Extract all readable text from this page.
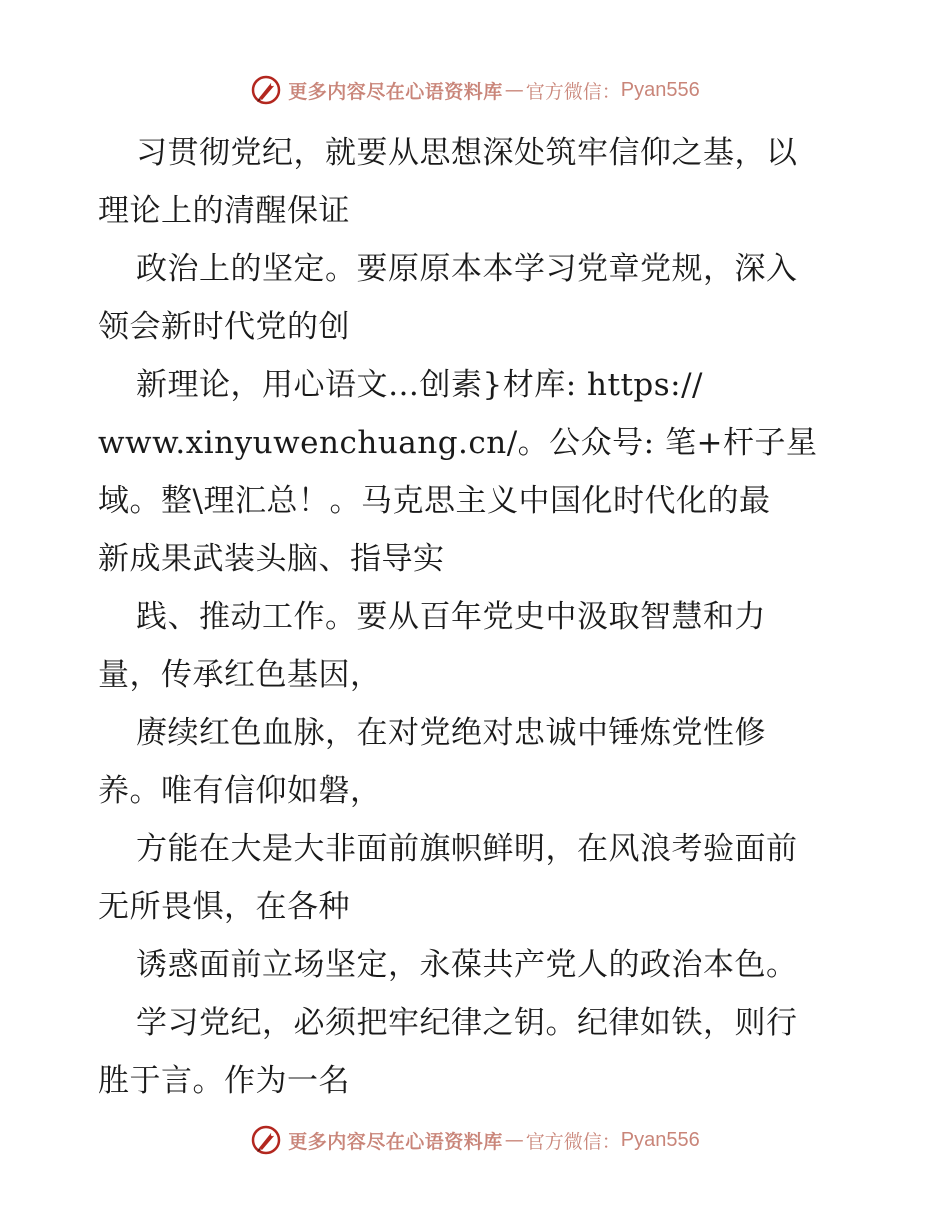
更多内容尽在心语资料库 — 官方微信： Pyan556
习贯彻党纪，就要从思想深处筑牢信仰之基，以
理论上的清醒保证
政治上的坚定。要原原本本学习党章党规，深入
领会新时代党的创
新理论，用心语文…创素}材库: https://
www.xinyuwenchuang.cn/。公众号: 笔+杆子星
域。整\理汇总！。马克思主义中国化时代化的最
新成果武装头脑、指导实
践、推动工作。要从百年党史中汲取智慧和力
量，传承红色基因，
赓续红色血脉，在对党绝对忠诚中锤炼党性修
养。唯有信仰如磐，
方能在大是大非面前旗帜鲜明，在风浪考验面前
无所畏惧，在各种
诱惑面前立场坚定，永葆共产党人的政治本色。
学习党纪，必须把牢纪律之钥。纪律如铁，则行
胜于言。作为一名
更多内容尽在心语资料库 — 官方微信： Pyan556
